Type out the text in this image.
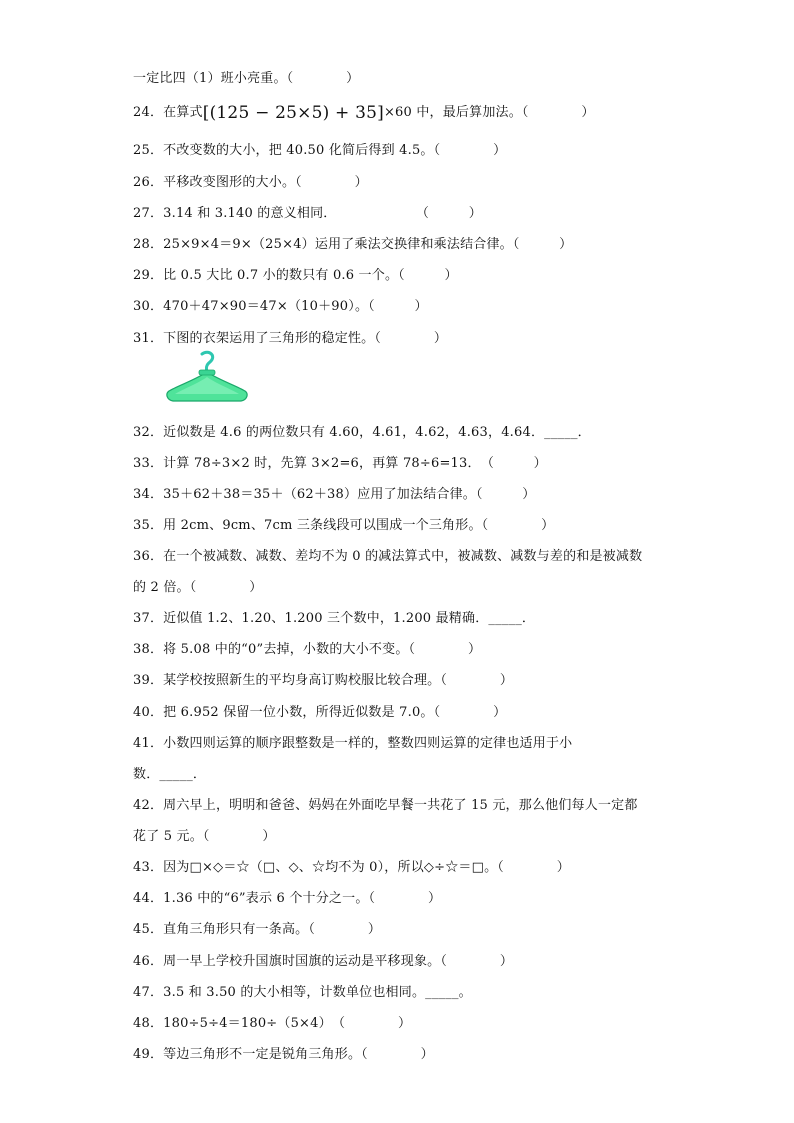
一定比四（1）班小亮重。（　　　　）
24．在算式[(125 − 25×5) + 35]×60 中，最后算加法。（　　　　）
25．不改变数的大小，把 40.50 化简后得到 4.5。（　　　　）
26．平移改变图形的大小。（　　　　）
27．3.14 和 3.140 的意义相同．　　　　　　　（　　　）
28．25×9×4＝9×（25×4）运用了乘法交换律和乘法结合律。（　　　）
29．比 0.5 大比 0.7 小的数只有 0.6 一个。（　　　）
30．470＋47×90＝47×（10＋90）。（　　　）
31．下图的衣架运用了三角形的稳定性。（　　　　）
32．近似数是 4.6 的两位数只有 4.60，4.61，4.62，4.63，4.64．_____．
33．计算 78÷3×2 时，先算 3×2=6，再算 78÷6=13．　（　　　）
34．35＋62＋38＝35＋（62＋38）应用了加法结合律。（　　　）
35．用 2cm、9cm、7cm 三条线段可以围成一个三角形。（　　　　）
36．在一个被减数、减数、差均不为 0 的减法算式中，被减数、减数与差的和是被减数
的 2 倍。（　　　　）
37．近似值 1.2、1.20、1.200 三个数中，1.200 最精确．_____．
38．将 5.08 中的“0”去掉，小数的大小不变。（　　　　）
39．某学校按照新生的平均身高订购校服比较合理。（　　　　）
40．把 6.952 保留一位小数，所得近似数是 7.0。（　　　　）
41．小数四则运算的顺序跟整数是一样的，整数四则运算的定律也适用于小
数．_____．
42．周六早上，明明和爸爸、妈妈在外面吃早餐一共花了 15 元，那么他们每人一定都
花了 5 元。（　　　　）
43．因为□×◇＝☆（□、◇、☆均不为 0），所以◇÷☆＝□。（　　　　）
44．1.36 中的“6”表示 6 个十分之一。（　　　　）
45．直角三角形只有一条高。（　　　　）
46．周一早上学校升国旗时国旗的运动是平移现象。（　　　　）
47．3.5 和 3.50 的大小相等，计数单位也相同。_____。
48．180÷5÷4＝180÷（5×4）　（　　　　）
49．等边三角形不一定是锐角三角形。（　　　　）
